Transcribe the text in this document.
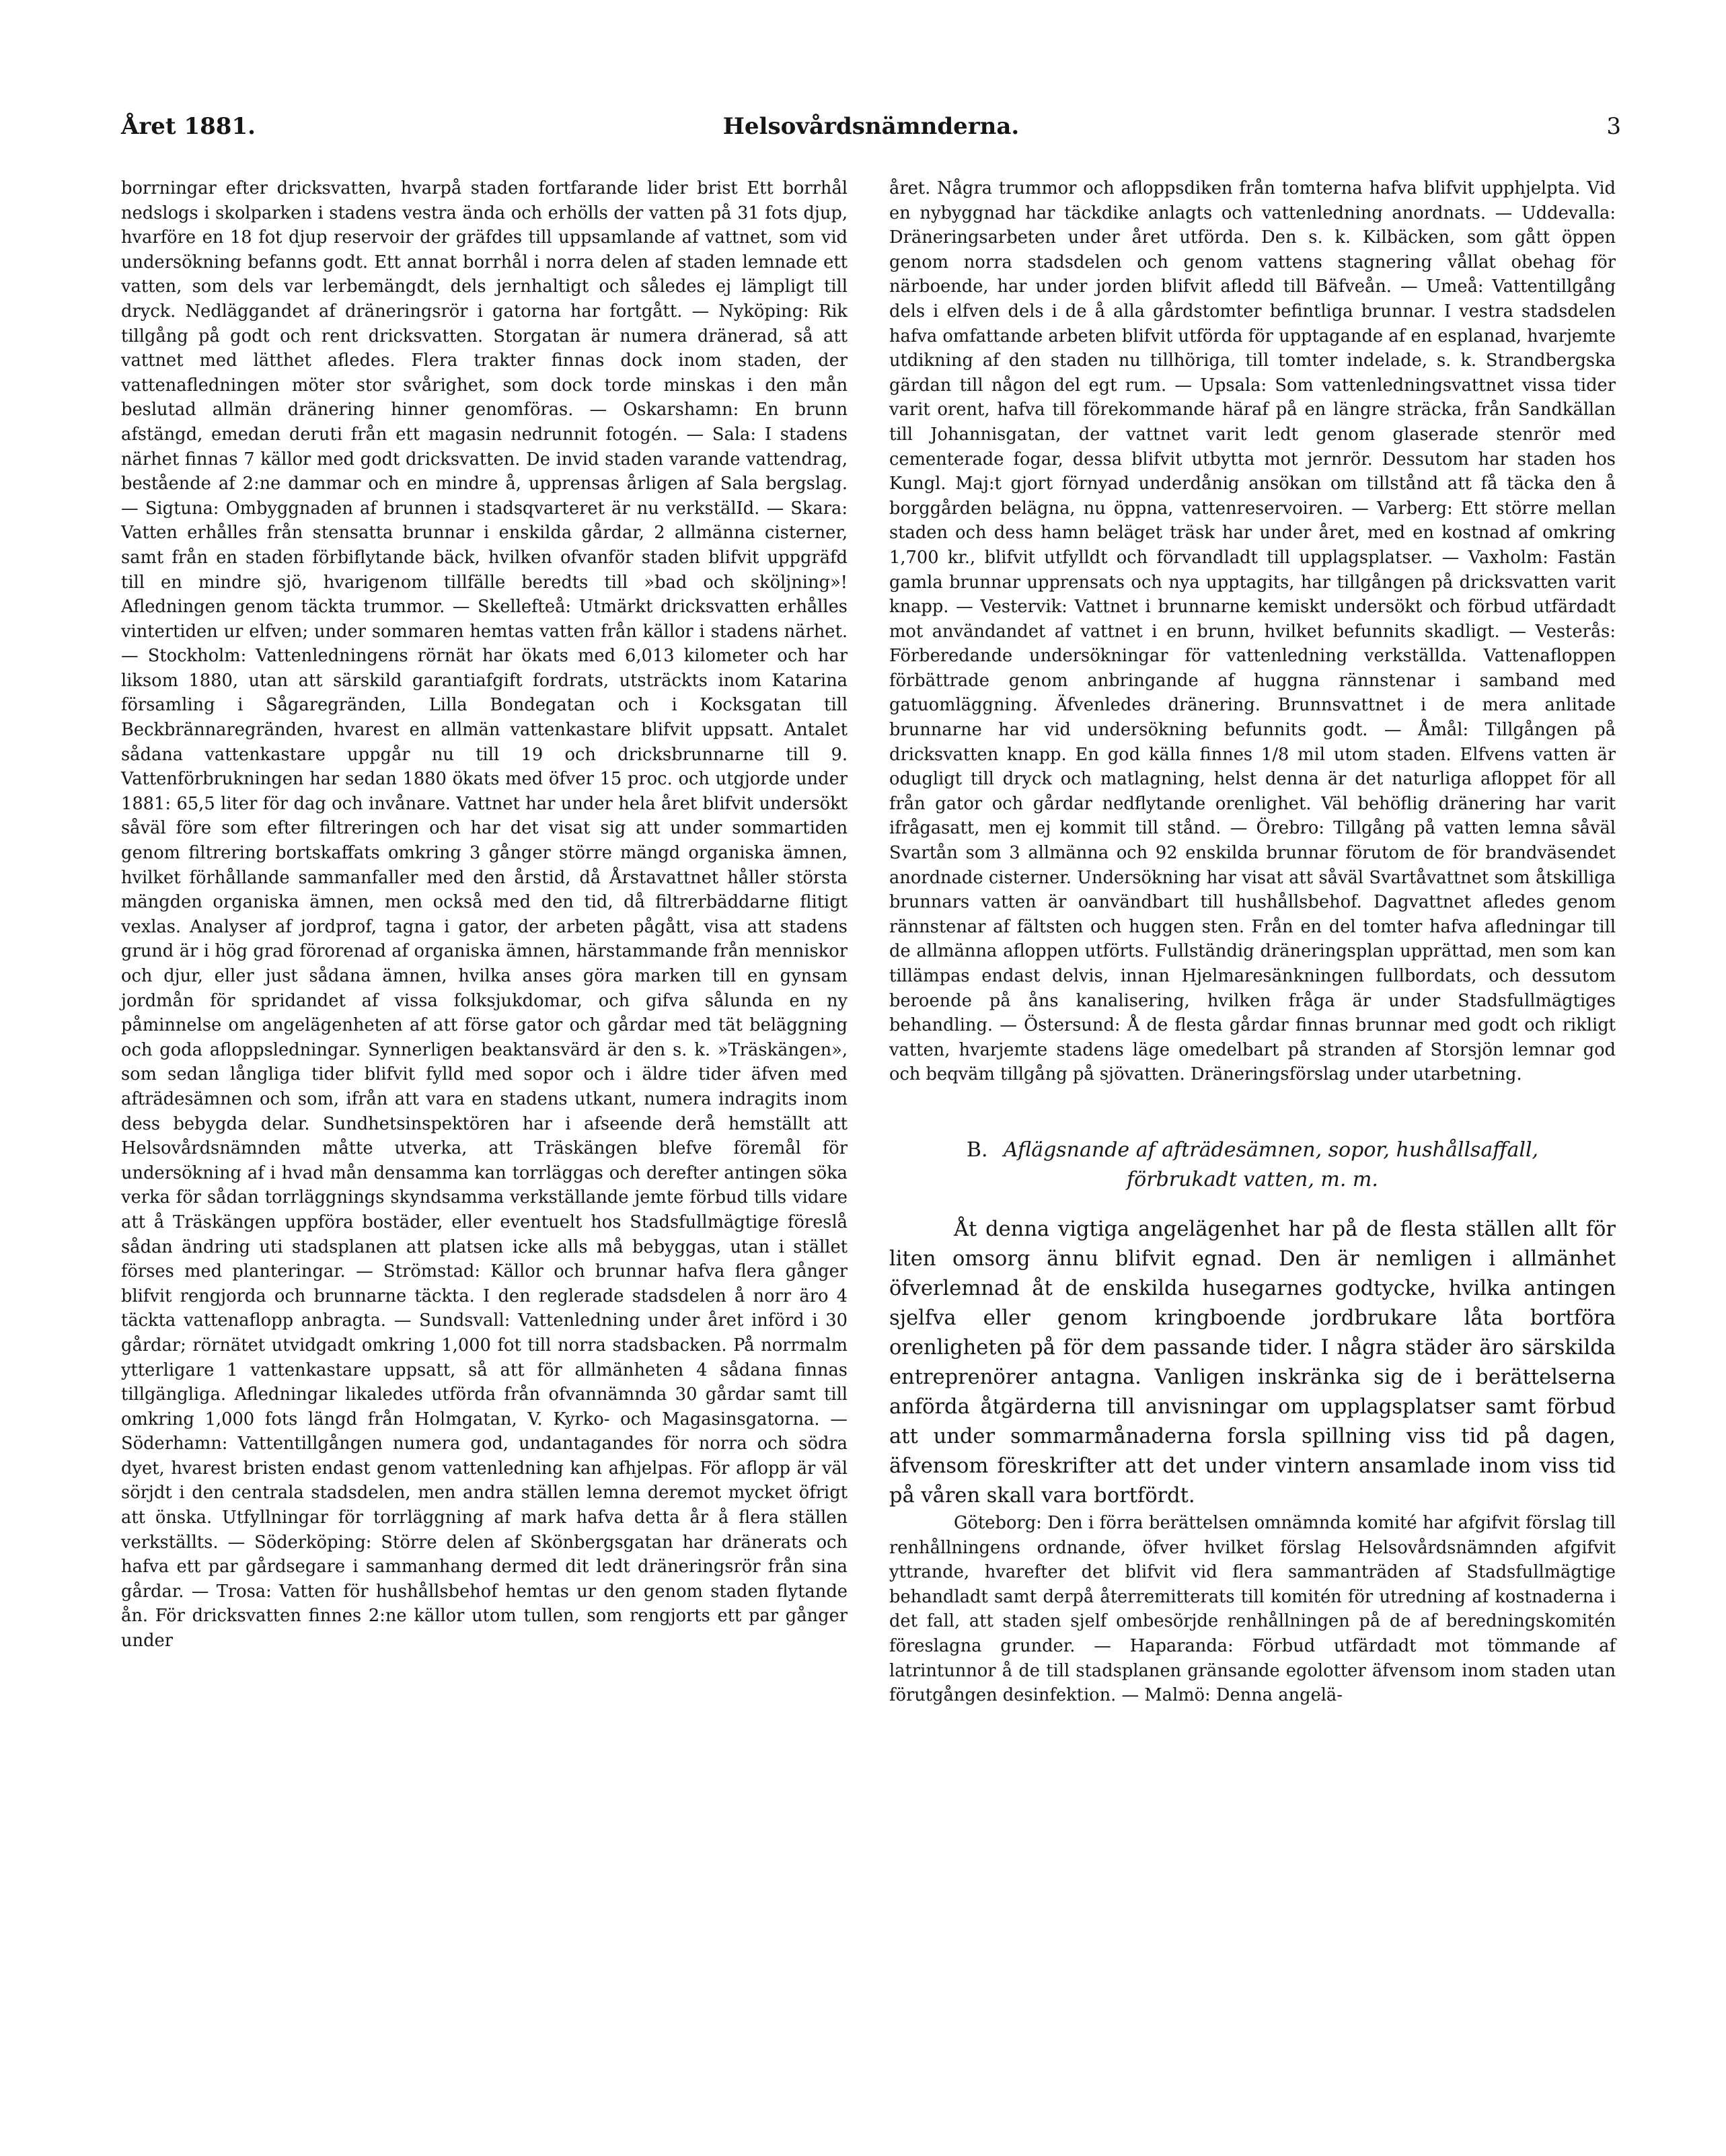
Året 1881.	Helsovårdsnämnderna.	3

borrningar efter dricksvatten, hvarpå staden fortfarande lider brist Ett borrhål nedslogs i skolparken i stadens vestra ända och erhölls der vatten på 31 fots djup, hvarföre en 18 fot djup reservoir der gräfdes till uppsamlande af vattnet, som vid undersökning befanns godt. Ett annat borrhål i norra delen af staden lemnade ett vatten, som dels var lerbemängdt, dels jernhaltigt och således ej lämpligt till dryck. Nedläggandet af dräneringsrör i gatorna har fortgått. — Nyköping: Rik tillgång på godt och rent dricksvatten. Storgatan är numera dränerad, så att vattnet med lätthet afledes. Flera trakter finnas dock inom staden, der vattenafledningen möter stor svårighet, som dock torde minskas i den mån beslutad allmän dränering hinner genomföras. — Oskarshamn: En brunn afstängd, emedan deruti från ett magasin nedrunnit fotogén. — Sala: I stadens närhet finnas 7 källor med godt dricksvatten. De invid staden varande vattendrag, bestående af 2:ne dammar och en mindre å, upprensas årligen af Sala bergslag. — Sigtuna: Ombyggnaden af brunnen i stadsqvarteret är nu verkstälId. — Skara: Vatten erhålles från stensatta brunnar i enskilda gårdar, 2 allmänna cisterner, samt från en staden förbiflytande bäck, hvilken ofvanför staden blifvit uppgräfd till en mindre sjö, hvarigenom tillfälle beredts till »bad och sköljning»! Afledningen genom täckta trummor. — Skellefteå: Utmärkt dricksvatten erhålles vintertiden ur elfven; under sommaren hemtas vatten från källor i stadens närhet. — Stockholm: Vattenledningens rörnät har ökats med 6,013 kilometer och har liksom 1880, utan att särskild garantiafgift fordrats, utsträckts inom Katarina församling i Sågaregränden, Lilla Bondegatan och i Kocksgatan till Beckbrännaregränden, hvarest en allmän vattenkastare blifvit uppsatt. Antalet sådana vattenkastare uppgår nu till 19 och dricksbrunnarne till 9. Vattenförbrukningen har sedan 1880 ökats med öfver 15 proc. och utgjorde under 1881: 65,5 liter för dag och invånare. Vattnet har under hela året blifvit undersökt såväl före som efter filtreringen och har det visat sig att under sommartiden genom filtrering bortskaffats omkring 3 gånger större mängd organiska ämnen, hvilket förhållande sammanfaller med den årstid, då Årstavattnet håller största mängden organiska ämnen, men också med den tid, då filtrerbäddarne flitigt vexlas. Analyser af jordprof, tagna i gator, der arbeten pågått, visa att stadens grund är i hög grad förorenad af organiska ämnen, härstammande från menniskor och djur, eller just sådana ämnen, hvilka anses göra marken till en gynsam jordmån för spridandet af vissa folksjukdomar, och gifva sålunda en ny påminnelse om angelägenheten af att förse gator och gårdar med tät beläggning och goda afloppsledningar. Synnerligen beaktansvärd är den s. k. »Träskängen», som sedan långliga tider blifvit fylld med sopor och i äldre tider äfven med afträdesämnen och som, ifrån att vara en stadens utkant, numera indragits inom dess bebygda delar. Sundhetsinspektören har i afseende derå hemställt att Helsovårdsnämnden måtte utverka, att Träskängen blefve föremål för undersökning af i hvad mån densamma kan torrläggas och derefter antingen söka verka för sådan torrläggnings skyndsamma verkställande jemte förbud tills vidare att å Träskängen uppföra bostäder, eller eventuelt hos Stadsfullmägtige föreslå sådan ändring uti stadsplanen att platsen icke alls må bebyggas, utan i stället förses med planteringar. — Strömstad: Källor och brunnar hafva flera gånger blifvit rengjorda och brunnarne täckta. I den reglerade stadsdelen å norr äro 4 täckta vattenaflopp anbragta. — Sundsvall: Vattenledning under året införd i 30 gårdar; rörnätet utvidgadt omkring 1,000 fot till norra stadsbacken. På norrmalm ytterligare 1 vattenkastare uppsatt, så att för allmänheten 4 sådana finnas tillgängliga. Afledningar likaledes utförda från ofvannämnda 30 gårdar samt till omkring 1,000 fots längd från Holmgatan, V. Kyrko- och Magasinsgatorna. — Söderhamn: Vattentillgången numera god, undantagandes för norra och södra dyet, hvarest bristen endast genom vattenledning kan afhjelpas. För aflopp är väl sörjdt i den centrala stadsdelen, men andra ställen lemna deremot mycket öfrigt att önska. Utfyllningar för torrläggning af mark hafva detta år å flera ställen verkställts. — Söderköping: Större delen af Skönbergsgatan har dränerats och hafva ett par gårdsegare i sammanhang dermed dit ledt dräneringsrör från sina gårdar. — Trosa: Vatten för hushållsbehof hemtas ur den genom staden flytande ån. För dricksvatten finnes 2:ne källor utom tullen, som rengjorts ett par gånger under

året. Några trummor och afloppsdiken från tomterna hafva blifvit upphjelpta. Vid en nybyggnad har täckdike anlagts och vattenledning anordnats. — Uddevalla: Dräneringsarbeten under året utförda. Den s. k. Kilbäcken, som gått öppen genom norra stadsdelen och genom vattens stagnering vållat obehag för närboende, har under jorden blifvit afledd till Bäfveån. — Umeå: Vattentillgång dels i elfven dels i de å alla gårdstomter befintliga brunnar. I vestra stadsdelen hafva omfattande arbeten blifvit utförda för upptagande af en esplanad, hvarjemte utdikning af den staden nu tillhöriga, till tomter indelade, s. k. Strandbergska gärdan till någon del egt rum. — Upsala: Som vattenledningsvattnet vissa tider varit orent, hafva till förekommande häraf på en längre sträcka, från Sandkällan till Johannisgatan, der vattnet varit ledt genom glaserade stenrör med cementerade fogar, dessa blifvit utbytta mot jernrör. Dessutom har staden hos Kungl. Maj:t gjort förnyad underdånig ansökan om tillstånd att få täcka den å borggården belägna, nu öppna, vattenreservoiren. — Varberg: Ett större mellan staden och dess hamn beläget träsk har under året, med en kostnad af omkring 1,700 kr., blifvit utfylldt och förvandladt till upplagsplatser. — Vaxholm: Fastän gamla brunnar upprensats och nya upptagits, har tillgången på dricksvatten varit knapp. — Vestervik: Vattnet i brunnarne kemiskt undersökt och förbud utfärdadt mot användandet af vattnet i en brunn, hvilket befunnits skadligt. — Vesterås: Förberedande undersökningar för vattenledning verkställda. Vattenafloppen förbättrade genom anbringande af huggna rännstenar i samband med gatuomläggning. Äfvenledes dränering. Brunnsvattnet i de mera anlitade brunnarne har vid undersökning befunnits godt. — Åmål: Tillgången på dricksvatten knapp. En god källa finnes 1/8 mil utom staden. Elfvens vatten är odugligt till dryck och matlagning, helst denna är det naturliga afloppet för all från gator och gårdar nedflytande orenlighet. Väl behöflig dränering har varit ifrågasatt, men ej kommit till stånd. — Örebro: Tillgång på vatten lemna såväl Svartån som 3 allmänna och 92 enskilda brunnar förutom de för brandväsendet anordnade cisterner. Undersökning har visat att såväl Svartåvattnet som åtskilliga brunnars vatten är oanvändbart till hushållsbehof. Dagvattnet afledes genom rännstenar af fältsten och huggen sten. Från en del tomter hafva afledningar till de allmänna afloppen utförts. Fullständig dräneringsplan upprättad, men som kan tillämpas endast delvis, innan Hjelmaresänkningen fullbordats, och dessutom beroende på åns kanalisering, hvilken fråga är under Stadsfullmägtiges behandling. — Östersund: Å de flesta gårdar finnas brunnar med godt och rikligt vatten, hvarjemte stadens läge omedelbart på stranden af Storsjön lemnar god och beqväm tillgång på sjövatten. Dräneringsförslag under utarbetning.

B. Aflägsnande af afträdesämnen, sopor, hushållsaffall,
förbrukadt vatten, m. m.

Åt denna vigtiga angelägenhet har på de flesta ställen allt för liten omsorg ännu blifvit egnad. Den är nemligen i allmänhet öfverlemnad åt de enskilda husegarnes godtycke, hvilka antingen sjelfva eller genom kringboende jordbrukare låta bortföra orenligheten på för dem passande tider. I några städer äro särskilda entreprenörer antagna. Vanligen inskränka sig de i berättelserna anförda åtgärderna till anvisningar om upplagsplatser samt förbud att under sommarmånaderna forsla spillning viss tid på dagen, äfvensom föreskrifter att det under vintern ansamlade inom viss tid på våren skall vara bortfördt.

Göteborg: Den i förra berättelsen omnämnda komité har afgifvit förslag till renhållningens ordnande, öfver hvilket förslag Helsovårdsnämnden afgifvit yttrande, hvarefter det blifvit vid flera sammanträden af Stadsfullmägtige behandladt samt derpå återremitterats till komitén för utredning af kostnaderna i det fall, att staden sjelf ombesörjde renhållningen på de af beredningskomitén föreslagna grunder. — Haparanda: Förbud utfärdadt mot tömmande af latrintunnor å de till stadsplanen gränsande egolotter äfvensom inom staden utan förutgången desinfektion. — Malmö: Denna angelä-
